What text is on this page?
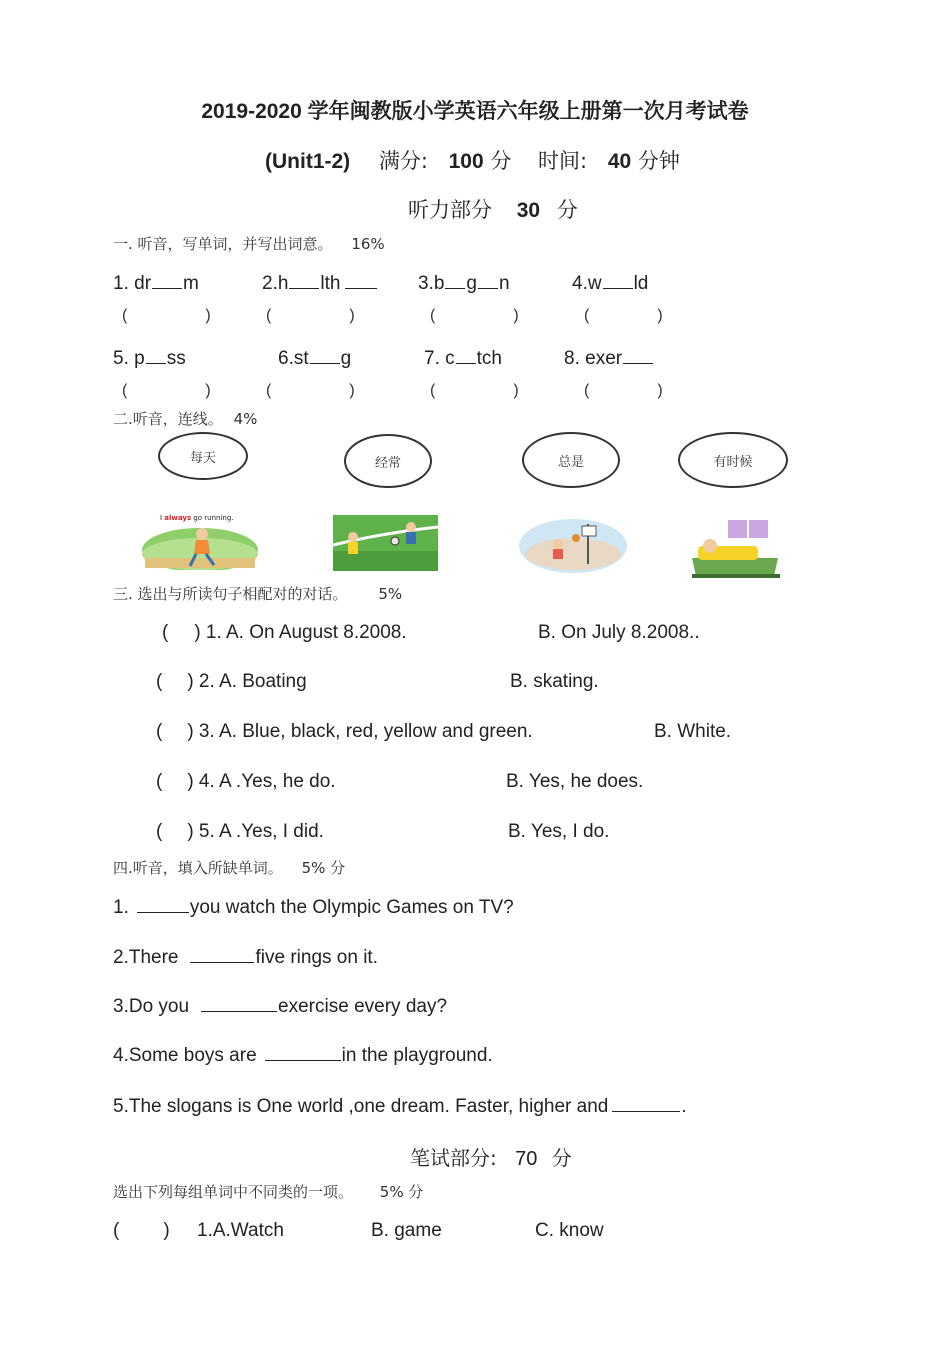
2019-2020 学年闽教版小学英语六年级上册第一次月考试卷
(Unit1-2) 满分: 100 分 时间: 40 分钟
听力部分 30 分
一. 听音，写单词，并写出词意。 16%
1. dr m	2.h lth	3.b g n	4.w ld
(	)	(	)	(	)	(	)
5. p ss	6.st g	7. c tch	8. exer
(	)	(	)	(	)	(	)
二.听音，连线。 4%
每天	经常	总是	有时候
I always go running.
三. 选出与所读句子相配对的对话。 5%
( ) 1. A. On August 8.2008.	B. On July 8.2008..
( ) 2. A. Boating	B. skating.
( ) 3. A. Blue, black, red, yellow and green.	B. White.
( ) 4. A .Yes, he do.	B. Yes, he does.
( ) 5. A .Yes, I did.	B. Yes, I do.
四.听音，填入所缺单词。 5% 分
1.	you watch the Olympic Games on TV?
2.There	five rings on it.
3.Do you	exercise every day?
4.Some boys are	in the playground.
5.The slogans is One world ,one dream. Faster, higher and	.
笔试部分: 70 分
选出下列每组单词中不同类的一项。 5% 分
( ) 1.A.Watch	B. game	C. know
